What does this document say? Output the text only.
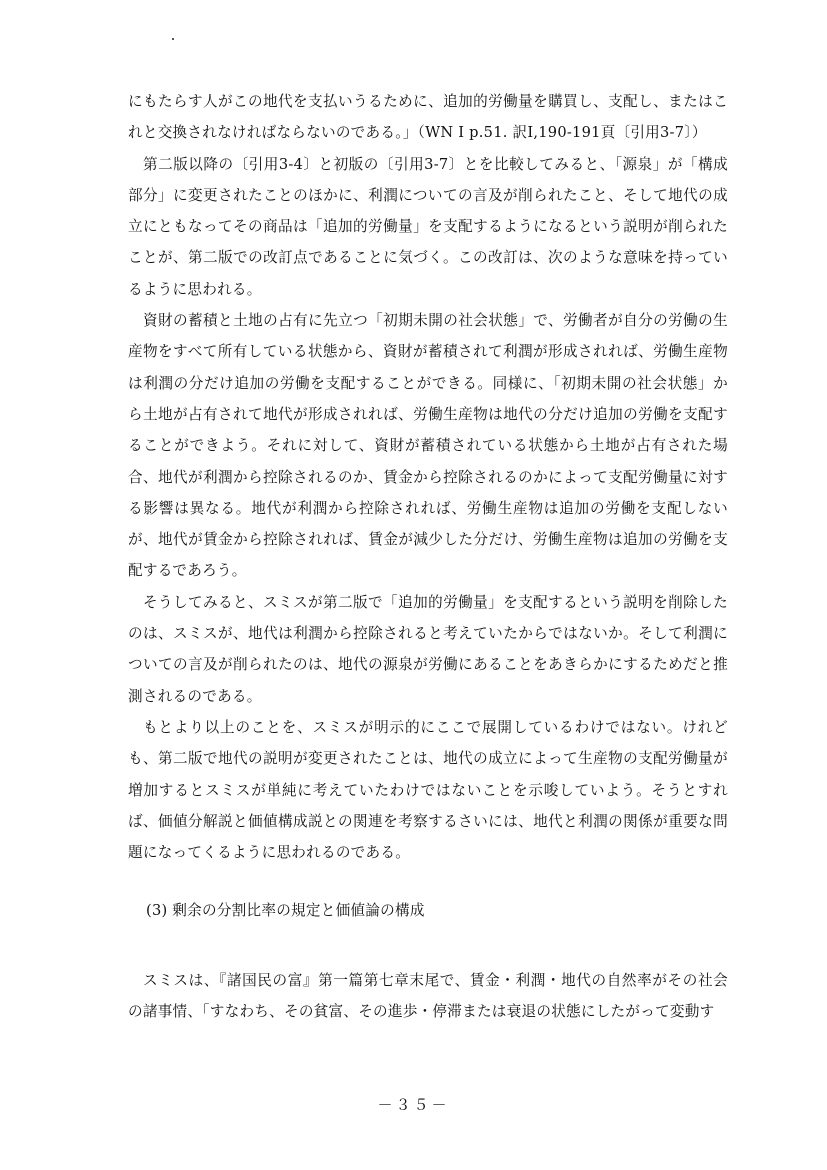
にもたらす人がこの地代を支払いうるために、追加的労働量を購買し、支配し、またはこれと交換されなければならないのである。」（WN Ⅰ p.51. 訳Ⅰ,190-191頁〔引用3-7〕）

第二版以降の〔引用3-4〕と初版の〔引用3-7〕とを比較してみると、「源泉」が「構成部分」に変更されたことのほかに、利潤についての言及が削られたこと、そして地代の成立にともなってその商品は「追加的労働量」を支配するようになるという説明が削られたことが、第二版での改訂点であることに気づく。この改訂は、次のような意味を持っているように思われる。

資財の蓄積と土地の占有に先立つ「初期未開の社会状態」で、労働者が自分の労働の生産物をすべて所有している状態から、資財が蓄積されて利潤が形成されれば、労働生産物は利潤の分だけ追加の労働を支配することができる。同様に、「初期未開の社会状態」から土地が占有されて地代が形成されれば、労働生産物は地代の分だけ追加の労働を支配することができよう。それに対して、資財が蓄積されている状態から土地が占有された場合、地代が利潤から控除されるのか、賃金から控除されるのかによって支配労働量に対する影響は異なる。地代が利潤から控除されれば、労働生産物は追加の労働を支配しないが、地代が賃金から控除されれば、賃金が減少した分だけ、労働生産物は追加の労働を支配するであろう。

そうしてみると、スミスが第二版で「追加的労働量」を支配するという説明を削除したのは、スミスが、地代は利潤から控除されると考えていたからではないか。そして利潤についての言及が削られたのは、地代の源泉が労働にあることをあきらかにするためだと推測されるのである。

もとより以上のことを、スミスが明示的にここで展開しているわけではない。けれども、第二版で地代の説明が変更されたことは、地代の成立によって生産物の支配労働量が増加するとスミスが単純に考えていたわけではないことを示唆していよう。そうとすれば、価値分解説と価値構成説との関連を考察するさいには、地代と利潤の関係が重要な問題になってくるように思われるのである。

(3) 剰余の分割比率の規定と価値論の構成

スミスは、『諸国民の富』第一篇第七章末尾で、賃金・利潤・地代の自然率がその社会の諸事情、「すなわち、その貧富、その進歩・停滞または衰退の状態にしたがって変動す

－３５－
